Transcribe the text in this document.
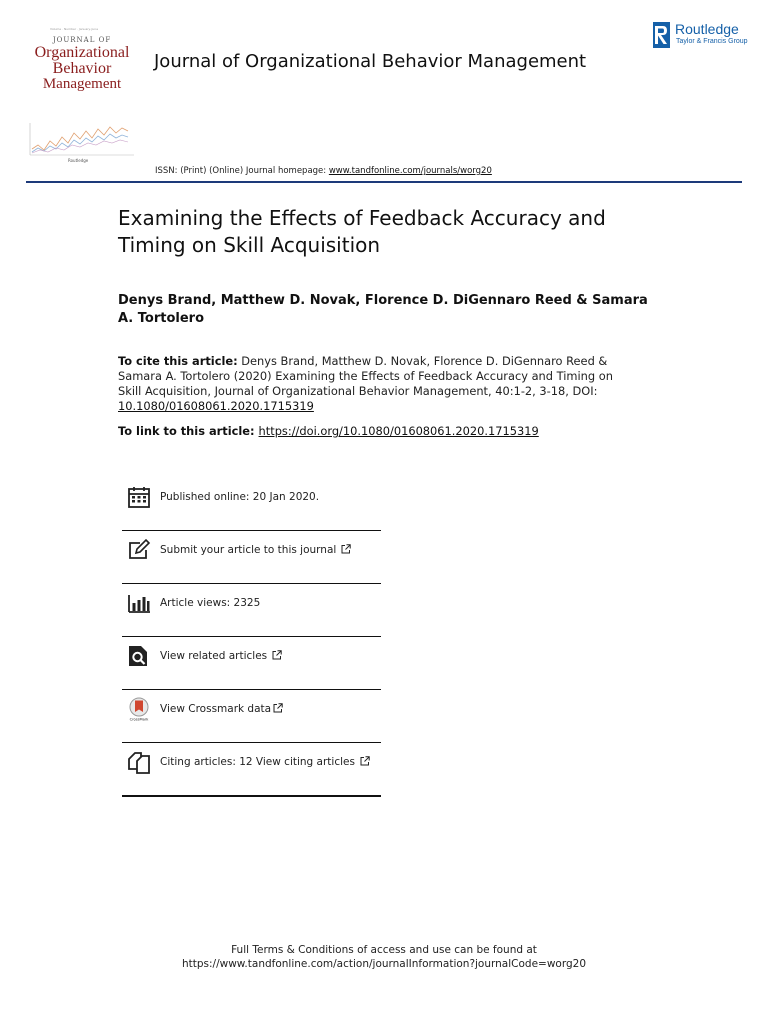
Volume · Number · January-June
JOURNAL OF
Organizational
Behavior
Management
Routledge
Journal of Organizational Behavior Management
Routledge
Taylor & Francis Group
ISSN: (Print) (Online) Journal homepage: www.tandfonline.com/journals/worg20
Examining the Effects of Feedback Accuracy and Timing on Skill Acquisition
Denys Brand, Matthew D. Novak, Florence D. DiGennaro Reed & Samara A. Tortolero
To cite this article: Denys Brand, Matthew D. Novak, Florence D. DiGennaro Reed & Samara A. Tortolero (2020) Examining the Effects of Feedback Accuracy and Timing on Skill Acquisition, Journal of Organizational Behavior Management, 40:1-2, 3-18, DOI: 10.1080/01608061.2020.1715319
To link to this article: https://doi.org/10.1080/01608061.2020.1715319
Published online: 20 Jan 2020.
Submit your article to this journal
Article views: 2325
View related articles
CrossMark
View Crossmark data
Citing articles: 12 View citing articles
Full Terms & Conditions of access and use can be found at
https://www.tandfonline.com/action/journalInformation?journalCode=worg20
